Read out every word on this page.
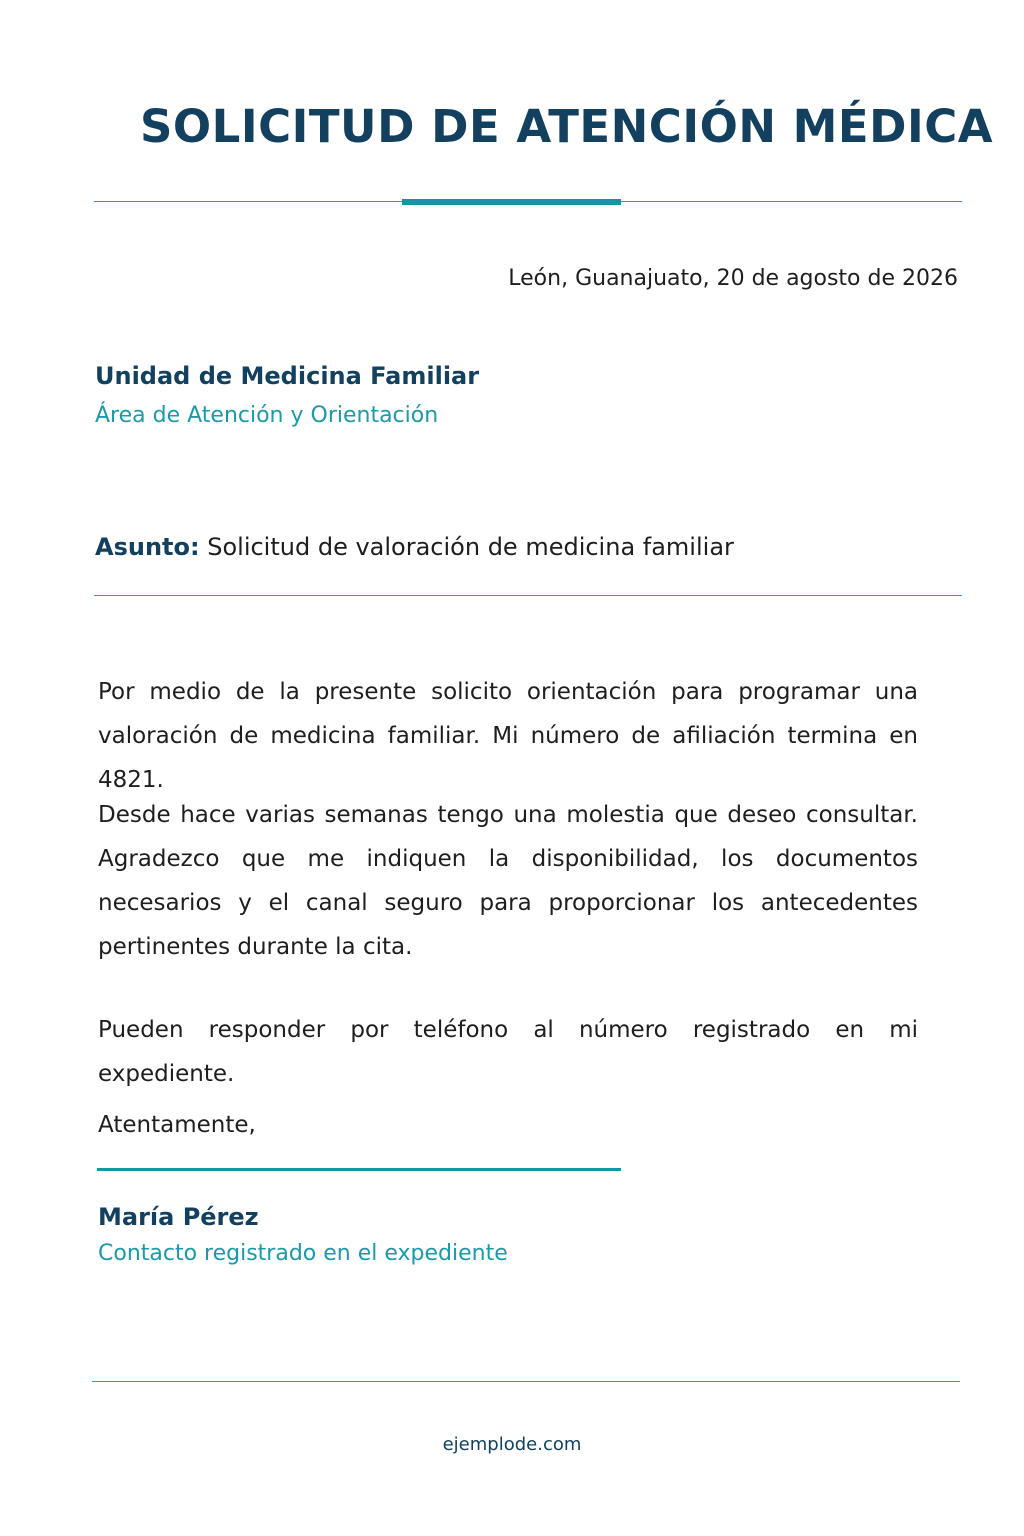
SOLICITUD DE ATENCIÓN MÉDICA
León, Guanajuato, 20 de agosto de 2026
Unidad de Medicina Familiar
Área de Atención y Orientación
Asunto: Solicitud de valoración de medicina familiar

Por medio de la presente solicito orientación para programar una valoración de medicina familiar. Mi número de afiliación termina en 4821.

Desde hace varias semanas tengo una molestia que deseo consultar. Agradezco que me indiquen la disponibilidad, los documentos necesarios y el canal seguro para proporcionar los antecedentes pertinentes durante la cita.

Pueden responder por teléfono al número registrado en mi expediente.

Atentamente,
María Pérez
Contacto registrado en el expediente
ejemplode.com
